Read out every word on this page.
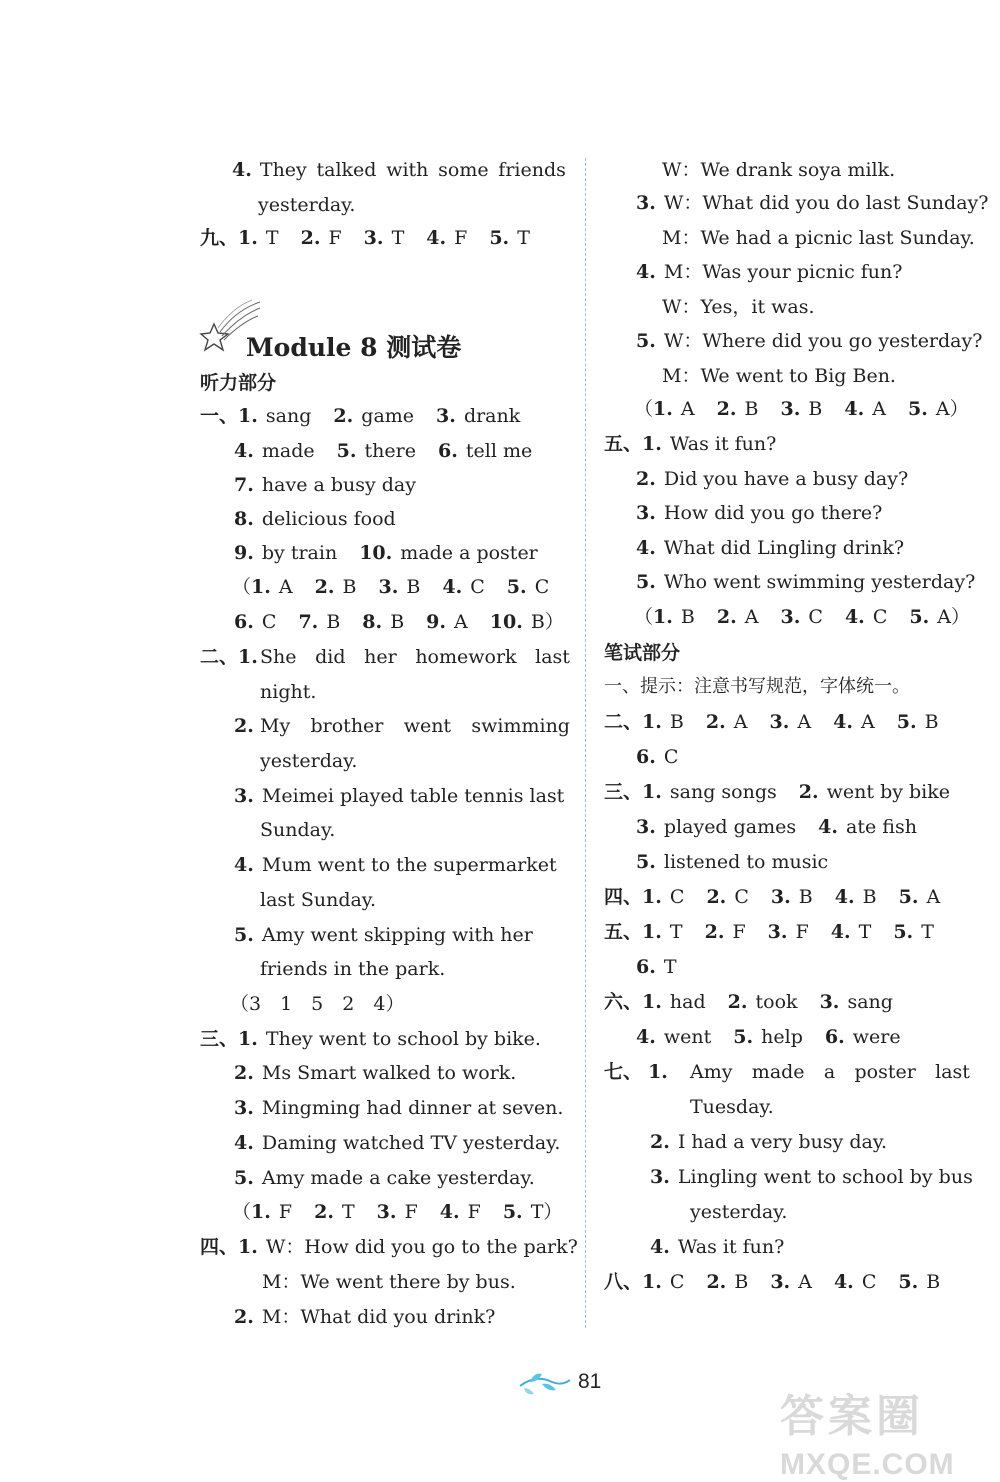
4. They talked with some friends
yesterday.
九、1. T 2. F 3. T 4. F 5. T
Module 8 测试卷
听力部分
一、1. sang 2. game 3. drank
4. made 5. there 6. tell me
7. have a busy day
8. delicious food
9. by train 10. made a poster
（1. A 2. B 3. B 4. C 5. C
6. C 7. B 8. B 9. A 10. B）
二、1. She did her homework last
night.
2. My brother went swimming
yesterday.
3. Meimei played table tennis last
Sunday.
4. Mum went to the supermarket
last Sunday.
5. Amy went skipping with her
friends in the park.
（3　1　5　2　4）
三、1. They went to school by bike.
2. Ms Smart walked to work.
3. Mingming had dinner at seven.
4. Daming watched TV yesterday.
5. Amy made a cake yesterday.
（1. F 2. T 3. F 4. F 5. T）
四、1. W：How did you go to the park?
M：We went there by bus.
2. M：What did you drink?
W：We drank soya milk.
3. W：What did you do last Sunday?
M：We had a picnic last Sunday.
4. M：Was your picnic fun?
W：Yes，it was.
5. W：Where did you go yesterday?
M：We went to Big Ben.
（1. A 2. B 3. B 4. A 5. A）
五、1. Was it fun?
2. Did you have a busy day?
3. How did you go there?
4. What did Lingling drink?
5. Who went swimming yesterday?
（1. B 2. A 3. C 4. C 5. A）
笔试部分
一、提示：注意书写规范，字体统一。
二、1. B 2. A 3. A 4. A 5. B
6. C
三、1. sang songs 2. went by bike
3. played games 4. ate fish
5. listened to music
四、1. C 2. C 3. B 4. B 5. A
五、1. T 2. F 3. F 4. T 5. T
6. T
六、1. had 2. took 3. sang
4. went 5. help 6. were
七、 1. Amy made a poster last
Tuesday.
2. I had a very busy day.
3. Lingling went to school by bus
yesterday.
4. Was it fun?
八、1. C 2. B 3. A 4. C 5. B
81
答案圈
MXQE.COM
